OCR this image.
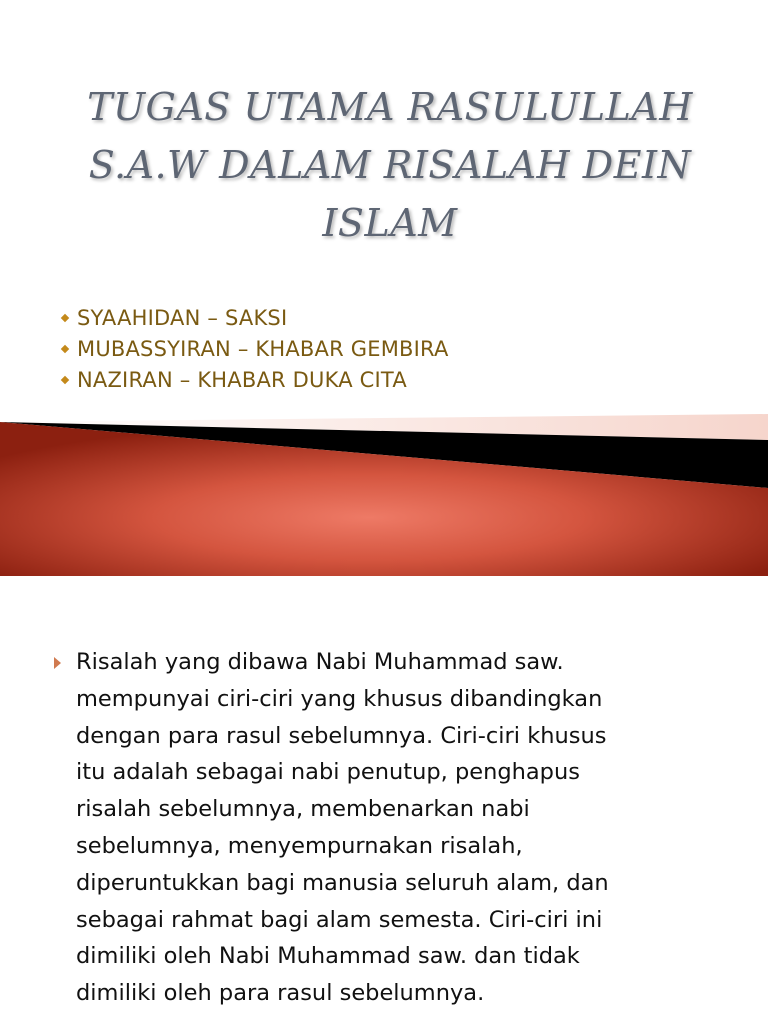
TUGAS UTAMA RASULULLAH
S.A.W DALAM RISALAH DEIN
ISLAM
SYAAHIDAN – SAKSI
MUBASSYIRAN – KHABAR GEMBIRA
NAZIRAN – KHABAR DUKA CITA

Risalah yang dibawa Nabi Muhammad saw.
mempunyai ciri-ciri yang khusus dibandingkan
dengan para rasul sebelumnya. Ciri-ciri khusus
itu adalah sebagai nabi penutup, penghapus
risalah sebelumnya, membenarkan nabi
sebelumnya, menyempurnakan risalah,
diperuntukkan bagi manusia seluruh alam, dan
sebagai rahmat bagi alam semesta. Ciri-ciri ini
dimiliki oleh Nabi Muhammad saw. dan tidak
dimiliki oleh para rasul sebelumnya.
